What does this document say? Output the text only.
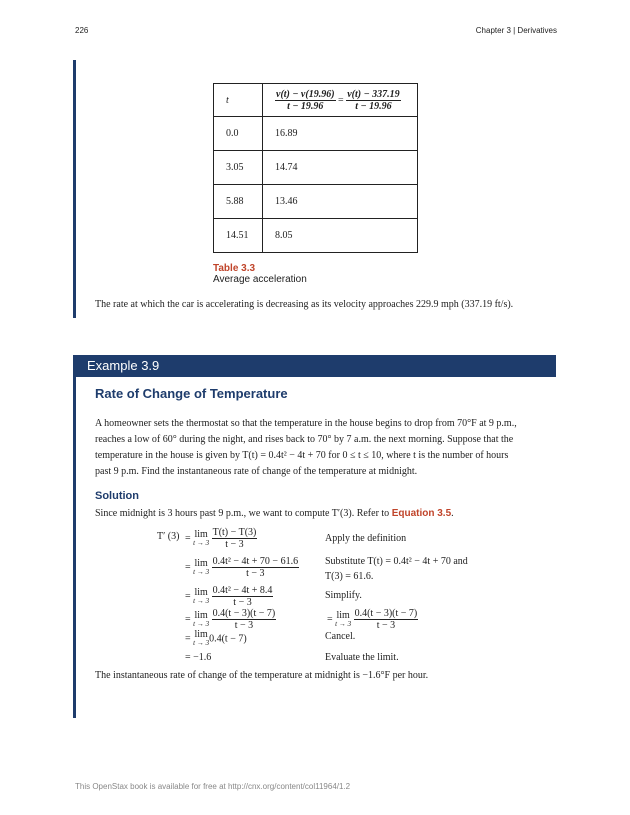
226	Chapter 3 | Derivatives
t	$\frac{v(t) - v(19.96)}{t - 19.96} = \frac{v(t) - 337.19}{t - 19.96}$

0.0	16.89
3.05	14.74
5.88	13.46
14.51	8.05
Table 3.3
Average acceleration
The rate at which the car is accelerating is decreasing as its velocity approaches 229.9 mph (337.19 ft/s).
Example 3.9
Rate of Change of Temperature
A homeowner sets the thermostat so that the temperature in the house begins to drop from 70°F at 9 p.m.,
reaches a low of 60° during the night, and rises back to 70° by 7 a.m. the next morning. Suppose that the
temperature in the house is given by T(t) = 0.4t² − 4t + 70 for 0 ≤ t ≤ 10, where t is the number of hours
past 9 p.m. Find the instantaneous rate of change of the temperature at midnight.
Solution
Since midnight is 3 hours past 9 p.m., we want to compute T′(3). Refer to Equation 3.5.
T′ (3) = lim
t → 3
$\frac{T(t) - T(3)}{t - 3}$	Apply the definition
= lim
t → 3
$\frac{\text{0.4t² − 4t + 70 − 61.6}}{t - 3}$	Substitute T(t) = 0.4t² − 4t + 70 and
T(3) = 61.6.
= lim
t → 3
$\frac{\text{0.4t² − 4t + 8.4}}{t - 3}$	Simplify.
= lim
t → 3
$\frac{0.4(t - 3)(t - 7)}{t - 3}$	= lim
t → 3
$\frac{0.4(t - 3)(t - 7)}{t - 3}$
= lim
t → 3 0.4(t − 7)	Cancel.
= −1.6	Evaluate the limit.
The instantaneous rate of change of the temperature at midnight is −1.6°F per hour.
This OpenStax book is available for free at http://cnx.org/content/col11964/1.2
